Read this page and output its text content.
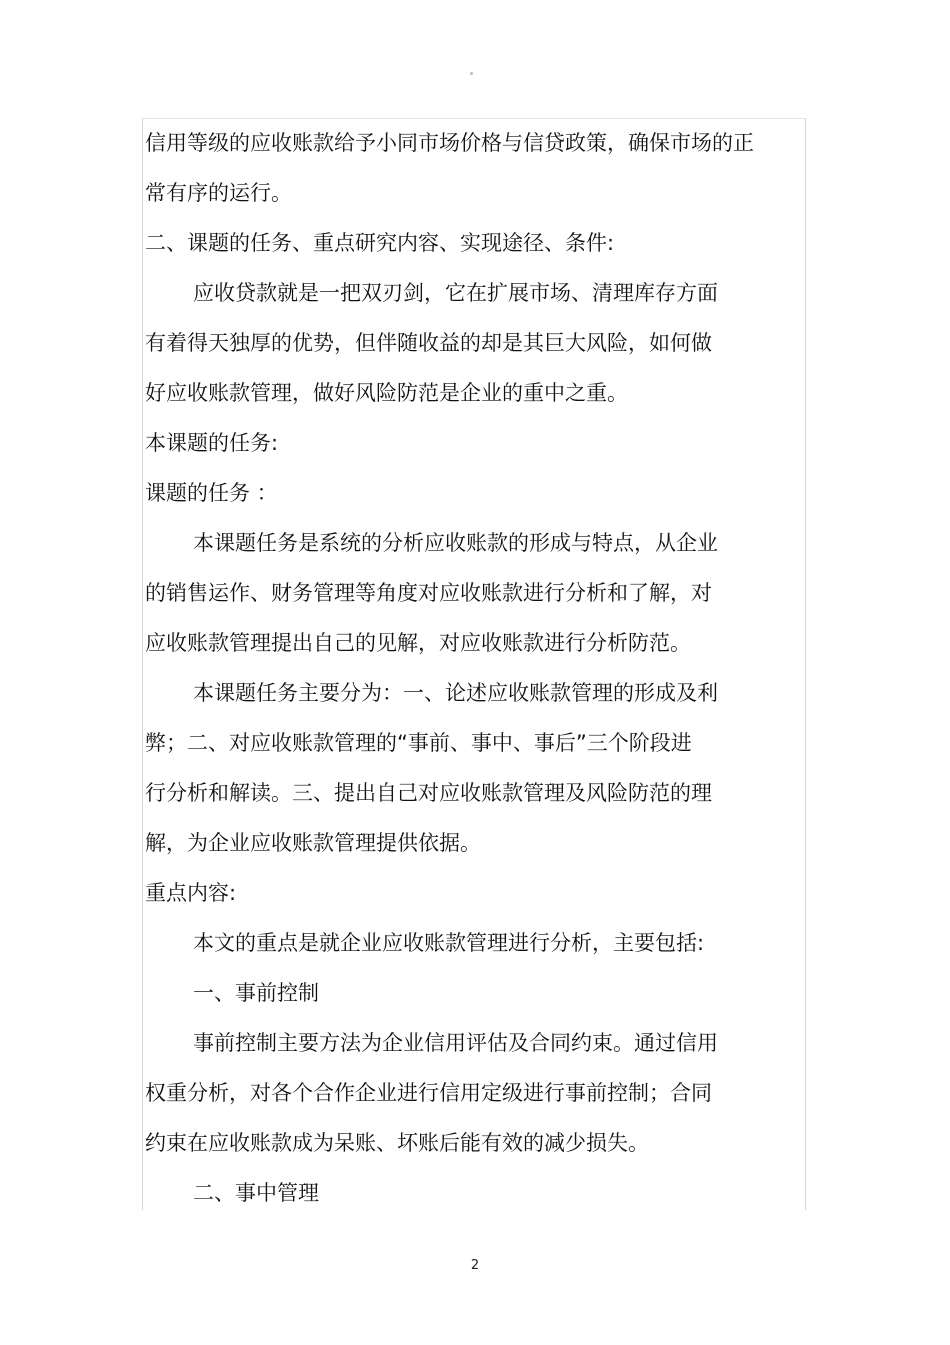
信用等级的应收账款给予小同市场价格与信贷政策，确保市场的正
常有序的运行。
二、课题的任务、重点研究内容、实现途径、条件:
应收贷款就是一把双刃剑，它在扩展市场、清理库存方面
有着得天独厚的优势，但伴随收益的却是其巨大风险，如何做
好应收账款管理，做好风险防范是企业的重中之重。
本课题的任务:
课题的任务 ：
本课题任务是系统的分析应收账款的形成与特点，从企业
的销售运作、财务管理等角度对应收账款进行分析和了解，对
应收账款管理提出自己的见解，对应收账款进行分析防范。
本课题任务主要分为：一、论述应收账款管理的形成及利
弊；二、对应收账款管理的“事前、事中、事后”三个阶段进
行分析和解读。三、提出自己对应收账款管理及风险防范的理
解，为企业应收账款管理提供依据。
重点内容:
本文的重点是就企业应收账款管理进行分析，主要包括:
一、事前控制
事前控制主要方法为企业信用评估及合同约束。通过信用
权重分析，对各个合作企业进行信用定级进行事前控制；合同
约束在应收账款成为呆账、坏账后能有效的减少损失。
二、事中管理
2
